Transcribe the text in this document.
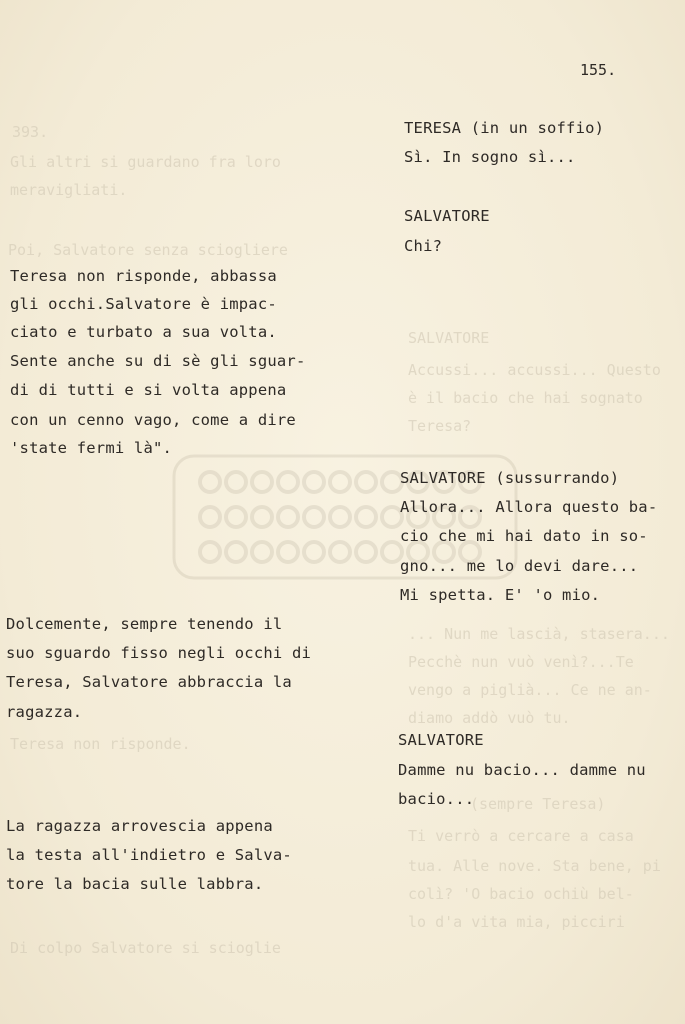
393.
Gli altri si guardano fra loro
meravigliati.
Poi, Salvatore senza sciogliere
SALVATORE
Accussi... accussi... Questo
è il bacio che hai sognato
Teresa?
... Nun me lascià, stasera...
Pecchè nun vuò venì?...Te
vengo a piglià... Ce ne an-
diamo addò vuò tu.
Teresa non risponde.
(sempre Teresa)
Ti verrò a cercare a casa
tua. Alle nove. Sta bene, pi
colì? 'O bacio ochiù bel-
lo d'a vita mia, picciri
Di colpo Salvatore si scioglie
155.
Teresa non risponde, abbassa
gli occhi.Salvatore è impac-
ciato e turbato a sua volta.
Sente anche su di sè gli sguar-
di di tutti e si volta appena
con un cenno vago, come a dire
'state fermi là".
Dolcemente, sempre tenendo il
suo sguardo fisso negli occhi di
Teresa, Salvatore abbraccia la
ragazza.
La ragazza arrovescia appena
la testa all'indietro e Salva-
tore la bacia sulle labbra.
TERESA (in un soffio)
Sì. In sogno sì...
SALVATORE
Chi?
SALVATORE (sussurrando)
Allora... Allora questo ba-
cio che mi hai dato in so-
gno... me lo devi dare...
Mi spetta. E' 'o mio.
SALVATORE
Damme nu bacio... damme nu
bacio...
